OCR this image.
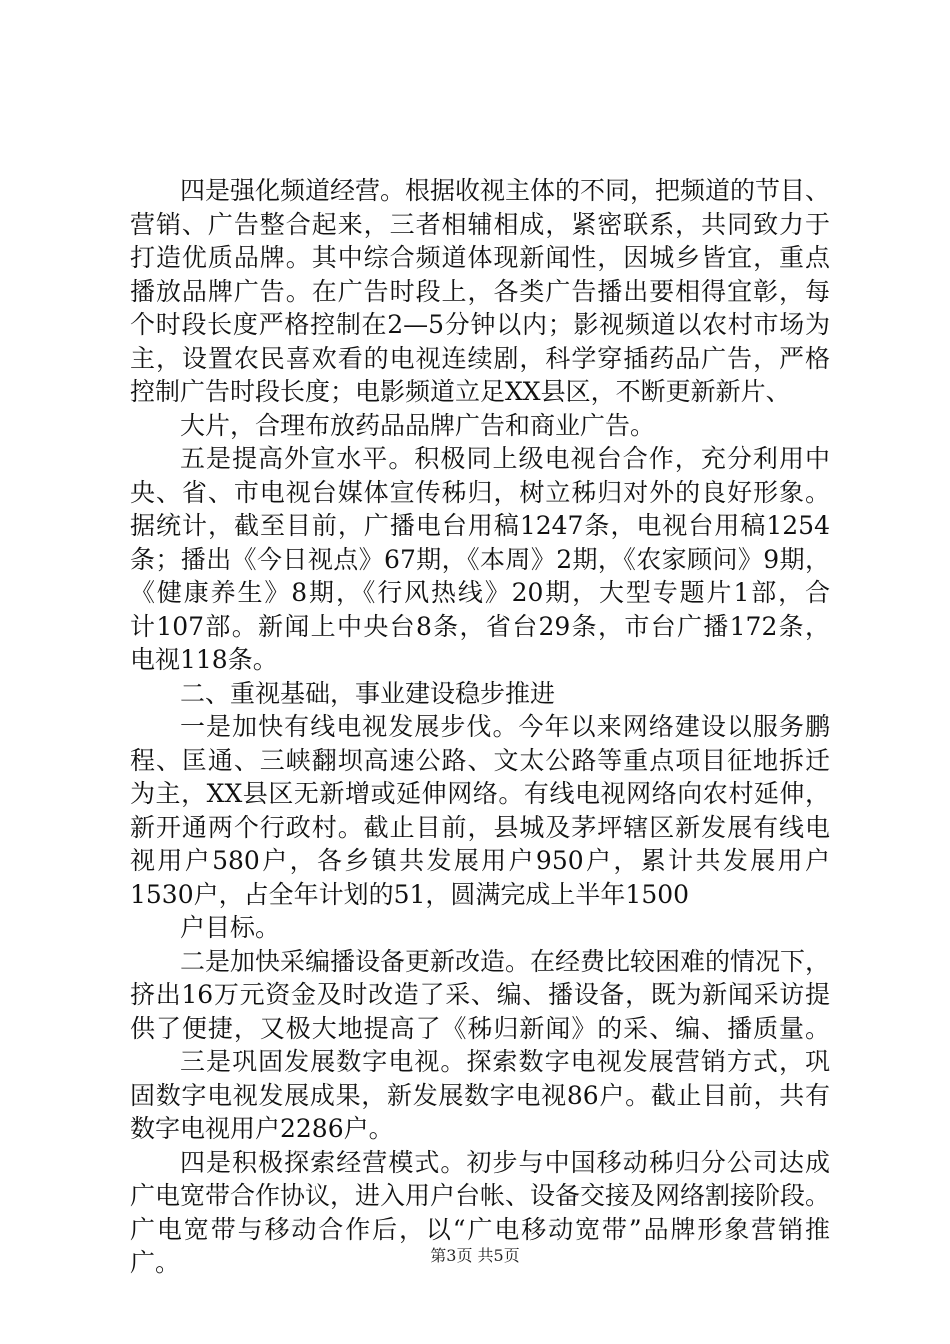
四是强化频道经营。根据收视主体的不同，把频道的节目、
营销、广告整合起来，三者相辅相成，紧密联系，共同致力于
打造优质品牌。其中综合频道体现新闻性，因城乡皆宜，重点
播放品牌广告。在广告时段上，各类广告播出要相得宜彰，每
个时段长度严格控制在2—5分钟以内；影视频道以农村市场为
主，设置农民喜欢看的电视连续剧，科学穿插药品广告，严格
控制广告时段长度；电影频道立足XX县区，不断更新新片、
大片，合理布放药品品牌广告和商业广告。
五是提高外宣水平。积极同上级电视台合作，充分利用中
央、省、市电视台媒体宣传秭归，树立秭归对外的良好形象。
据统计，截至目前，广播电台用稿1247条，电视台用稿1254
条；播出《今日视点》67期，《本周》2期，《农家顾问》9期，
《健康养生》8期，《行风热线》20期，大型专题片1部，合
计107部。新闻上中央台8条，省台29条，市台广播172条，
电视118条。
二、重视基础，事业建设稳步推进
一是加快有线电视发展步伐。今年以来网络建设以服务鹏
程、匡通、三峡翻坝高速公路、文太公路等重点项目征地拆迁
为主，XX县区无新增或延伸网络。有线电视网络向农村延伸，
新开通两个行政村。截止目前，县城及茅坪辖区新发展有线电
视用户580户，各乡镇共发展用户950户，累计共发展用户
1530户，占全年计划的51，圆满完成上半年1500
户目标。
二是加快采编播设备更新改造。在经费比较困难的情况下，
挤出16万元资金及时改造了采、编、播设备，既为新闻采访提
供了便捷，又极大地提高了《秭归新闻》的采、编、播质量。
三是巩固发展数字电视。探索数字电视发展营销方式，巩
固数字电视发展成果，新发展数字电视86户。截止目前，共有
数字电视用户2286户。
四是积极探索经营模式。初步与中国移动秭归分公司达成
广电宽带合作协议，进入用户台帐、设备交接及网络割接阶段。
广电宽带与移动合作后，以“广电移动宽带”品牌形象营销推
广。	第3页 共5页
